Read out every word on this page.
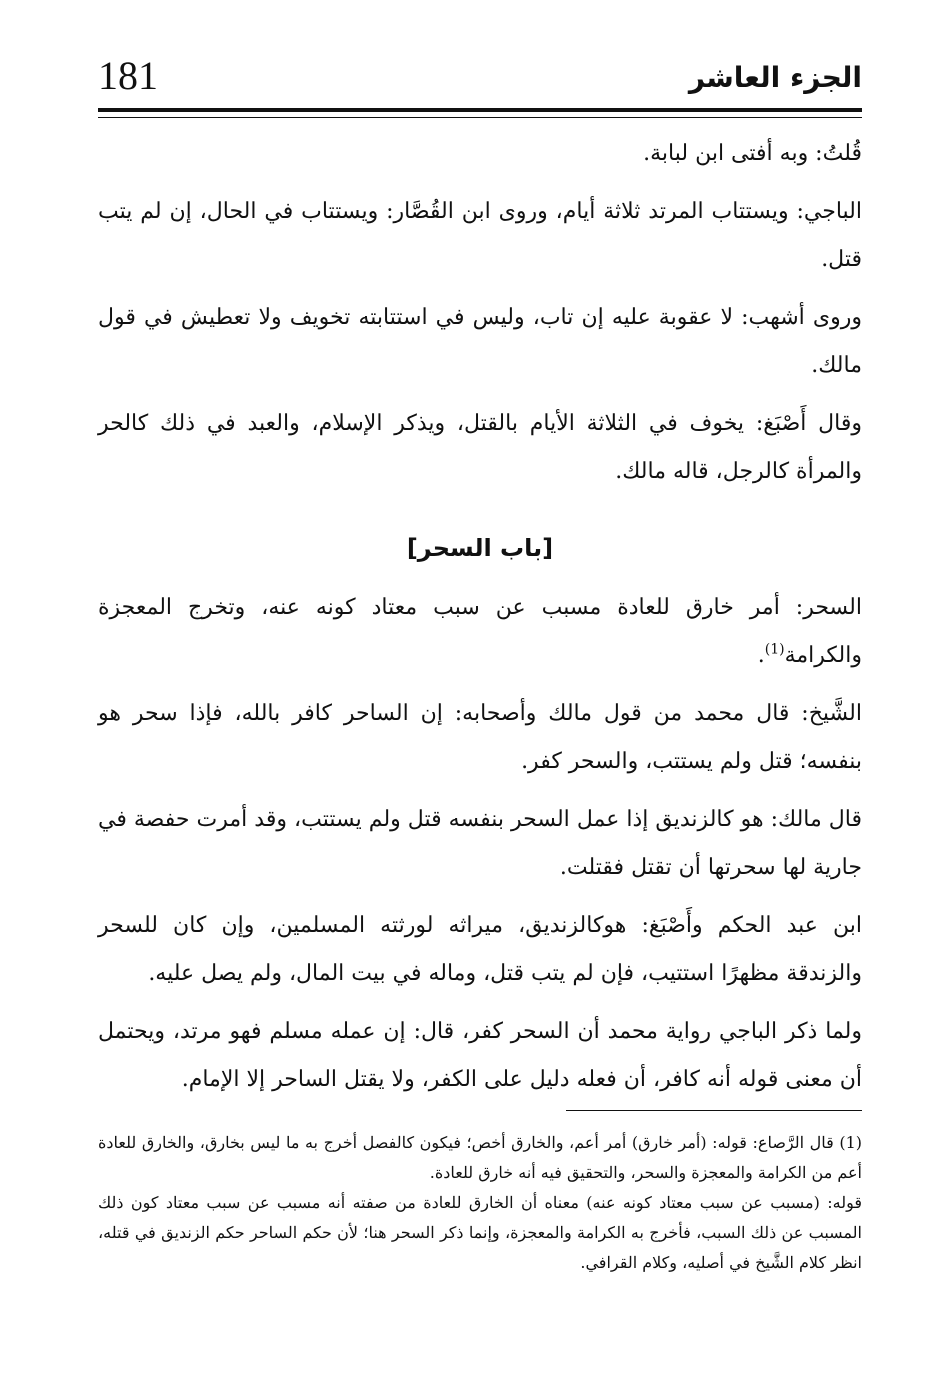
181	الجزء العاشر

قُلتُ: وبه أفتى ابن لبابة.

الباجي: ويستتاب المرتد ثلاثة أيام، وروى ابن القُصَّار: ويستتاب في الحال، إن لم يتب قتل.

وروى أشهب: لا عقوبة عليه إن تاب، وليس في استتابته تخويف ولا تعطيش في قول مالك.

وقال أَصْبَغ: يخوف في الثلاثة الأيام بالقتل، ويذكر الإسلام، والعبد في ذلك كالحر والمرأة كالرجل، قاله مالك.

[باب السحر]

السحر: أمر خارق للعادة مسبب عن سبب معتاد كونه عنه، وتخرج المعجزة والكرامة$^{(1)}$.

الشَّيخ: قال محمد من قول مالك وأصحابه: إن الساحر كافر بالله، فإذا سحر هو بنفسه؛ قتل ولم يستتب، والسحر كفر.

قال مالك: هو كالزنديق إذا عمل السحر بنفسه قتل ولم يستتب، وقد أمرت حفصة في جارية لها سحرتها أن تقتل فقتلت.

ابن عبد الحكم وأَصْبَغ: هوكالزنديق، ميراثه لورثته المسلمين، وإن كان للسحر والزندقة مظهرًا استتيب، فإن لم يتب قتل، وماله في بيت المال، ولم يصل عليه.

ولما ذكر الباجي رواية محمد أن السحر كفر، قال: إن عمله مسلم فهو مرتد، ويحتمل أن معنى قوله أنه كافر، أن فعله دليل على الكفر، ولا يقتل الساحر إلا الإمام.

(1) قال الرَّصاع: قوله: (أمر خارق) أمر أعم، والخارق أخص؛ فيكون كالفصل أخرج به ما ليس بخارق، والخارق للعادة أعم من الكرامة والمعجزة والسحر، والتحقيق فيه أنه خارق للعادة.

قوله: (مسبب عن سبب معتاد كونه عنه) معناه أن الخارق للعادة من صفته أنه مسبب عن سبب معتاد كون ذلك المسبب عن ذلك السبب، فأخرج به الكرامة والمعجزة، وإنما ذكر السحر هنا؛ لأن حكم الساحر حكم الزنديق في قتله، انظر كلام الشَّيخ في أصليه، وكلام القرافي.
